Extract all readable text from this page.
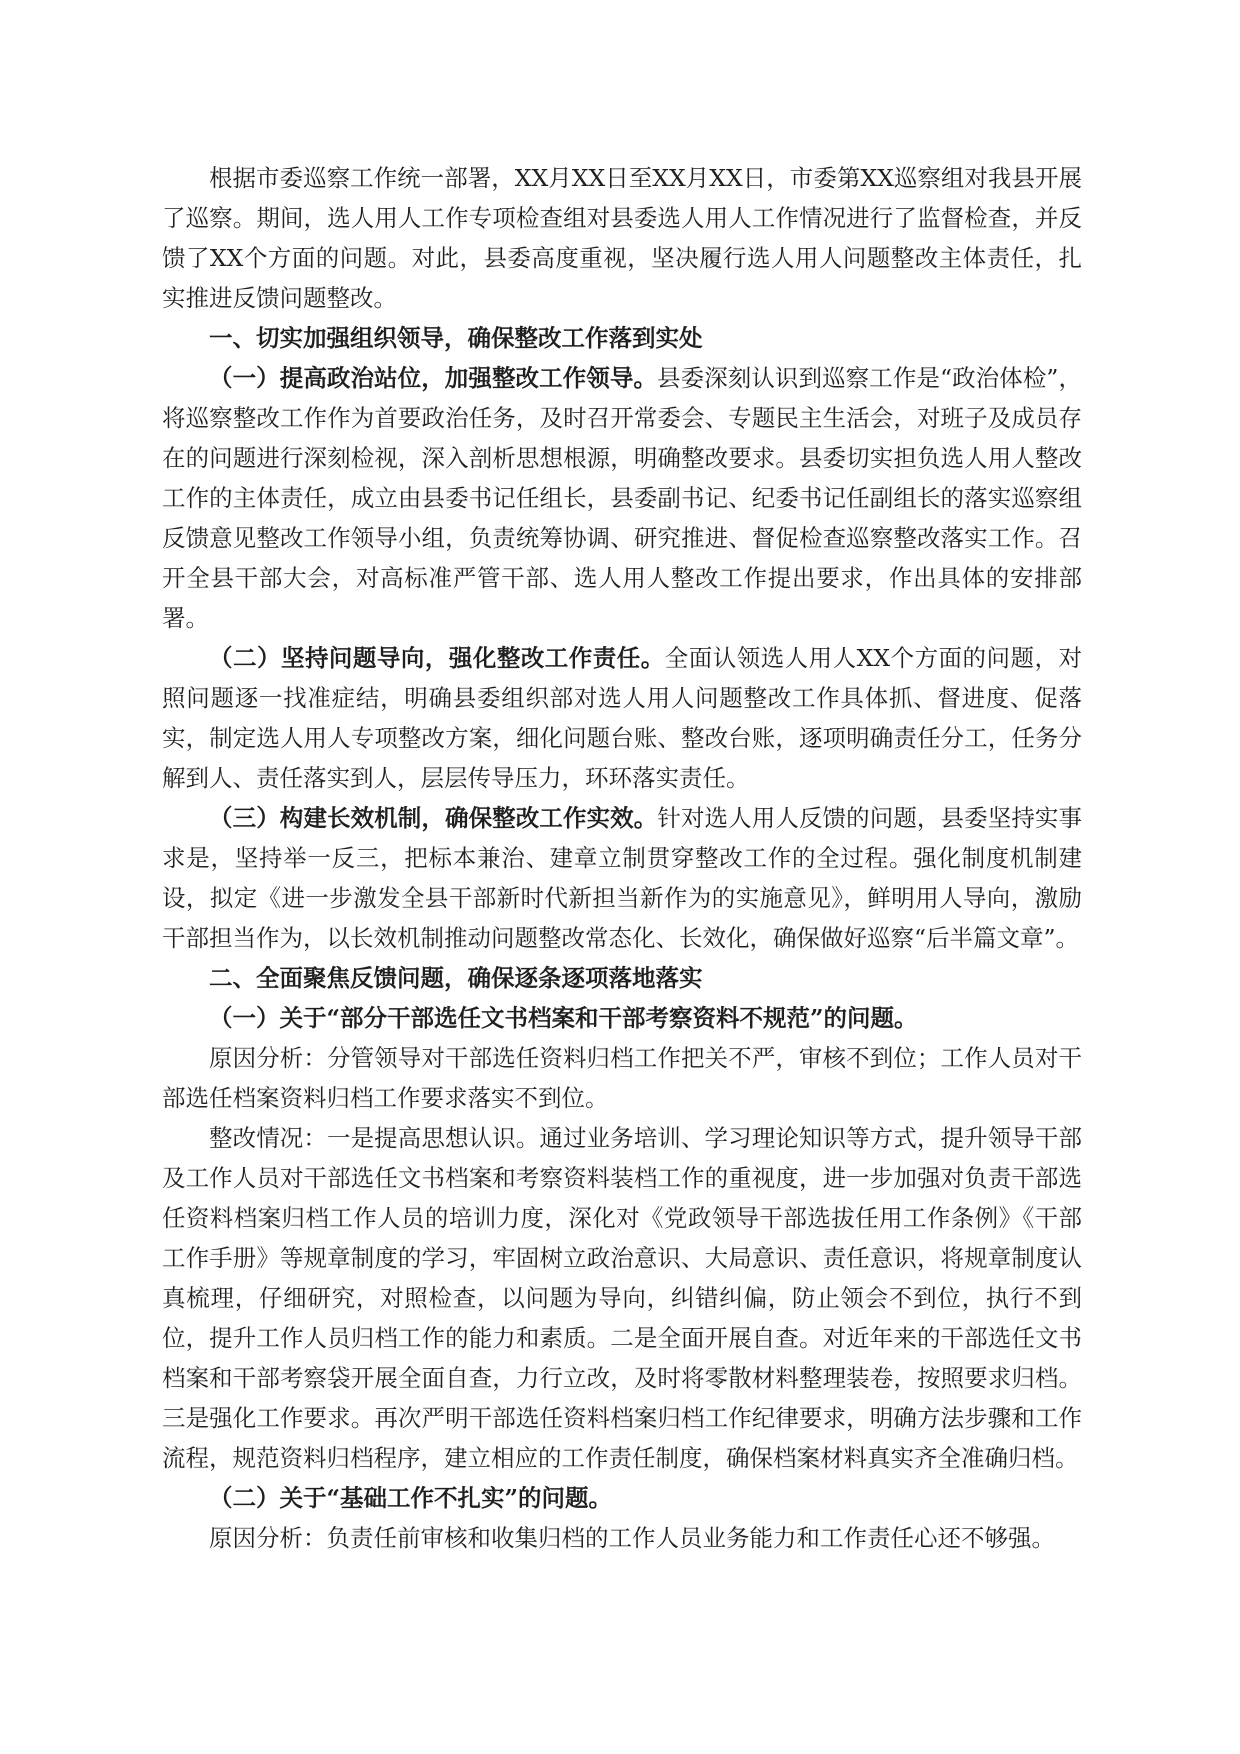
根据市委巡察工作统一部署，XX月XX日至XX月XX日，市委第XX巡察组对我县开展了巡察。期间，选人用人工作专项检查组对县委选人用人工作情况进行了监督检查，并反馈了XX个方面的问题。对此，县委高度重视，坚决履行选人用人问题整改主体责任，扎实推进反馈问题整改。

一、切实加强组织领导，确保整改工作落到实处

（一）提高政治站位，加强整改工作领导。县委深刻认识到巡察工作是“政治体检”，将巡察整改工作作为首要政治任务，及时召开常委会、专题民主生活会，对班子及成员存在的问题进行深刻检视，深入剖析思想根源，明确整改要求。县委切实担负选人用人整改工作的主体责任，成立由县委书记任组长，县委副书记、纪委书记任副组长的落实巡察组反馈意见整改工作领导小组，负责统筹协调、研究推进、督促检查巡察整改落实工作。召开全县干部大会，对高标准严管干部、选人用人整改工作提出要求，作出具体的安排部署。

（二）坚持问题导向，强化整改工作责任。全面认领选人用人XX个方面的问题，对照问题逐一找准症结，明确县委组织部对选人用人问题整改工作具体抓、督进度、促落实，制定选人用人专项整改方案，细化问题台账、整改台账，逐项明确责任分工，任务分解到人、责任落实到人，层层传导压力，环环落实责任。

（三）构建长效机制，确保整改工作实效。针对选人用人反馈的问题，县委坚持实事求是，坚持举一反三，把标本兼治、建章立制贯穿整改工作的全过程。强化制度机制建设，拟定《进一步激发全县干部新时代新担当新作为的实施意见》，鲜明用人导向，激励干部担当作为，以长效机制推动问题整改常态化、长效化，确保做好巡察“后半篇文章”。

二、全面聚焦反馈问题，确保逐条逐项落地落实

（一）关于“部分干部选任文书档案和干部考察资料不规范”的问题。

原因分析：分管领导对干部选任资料归档工作把关不严，审核不到位；工作人员对干部选任档案资料归档工作要求落实不到位。

整改情况：一是提高思想认识。通过业务培训、学习理论知识等方式，提升领导干部及工作人员对干部选任文书档案和考察资料装档工作的重视度，进一步加强对负责干部选任资料档案归档工作人员的培训力度，深化对《党政领导干部选拔任用工作条例》《干部工作手册》等规章制度的学习，牢固树立政治意识、大局意识、责任意识，将规章制度认真梳理，仔细研究，对照检查，以问题为导向，纠错纠偏，防止领会不到位，执行不到位，提升工作人员归档工作的能力和素质。二是全面开展自查。对近年来的干部选任文书档案和干部考察袋开展全面自查，力行立改，及时将零散材料整理装卷，按照要求归档。三是强化工作要求。再次严明干部选任资料档案归档工作纪律要求，明确方法步骤和工作流程，规范资料归档程序，建立相应的工作责任制度，确保档案材料真实齐全准确归档。

（二）关于“基础工作不扎实”的问题。

原因分析：负责任前审核和收集归档的工作人员业务能力和工作责任心还不够强。
